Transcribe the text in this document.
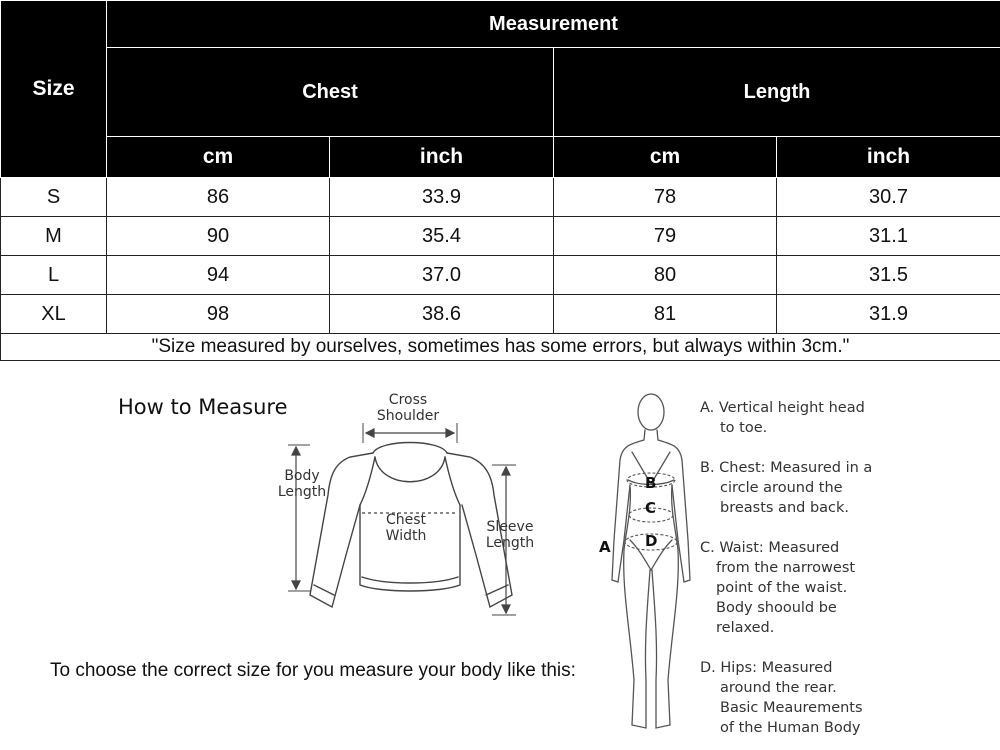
Size	Measurement			
	Chest		Length	
	cm	inch	cm	inch
S	86	33.9	78	30.7
M	90	35.4	79	31.1
L	94	37.0	80	31.5
XL	98	38.6	81	31.9
"Size measured by ourselves, sometimes has some errors, but always within 3cm."				
How to Measure	Cross
Shoulder
Body
Length
Chest
Width
Sleeve
Length	A
B
C
D
A. Vertical height head
to toe.
B. Chest: Measured in a
circle around the
breasts and back.
C. Waist: Measured
from the narrowest
point of the waist.
Body shoould be
relaxed.
D. Hips: Measured
around the rear.
Basic Meaurements
of the Human Body
To choose the correct size for you measure your body like this:
